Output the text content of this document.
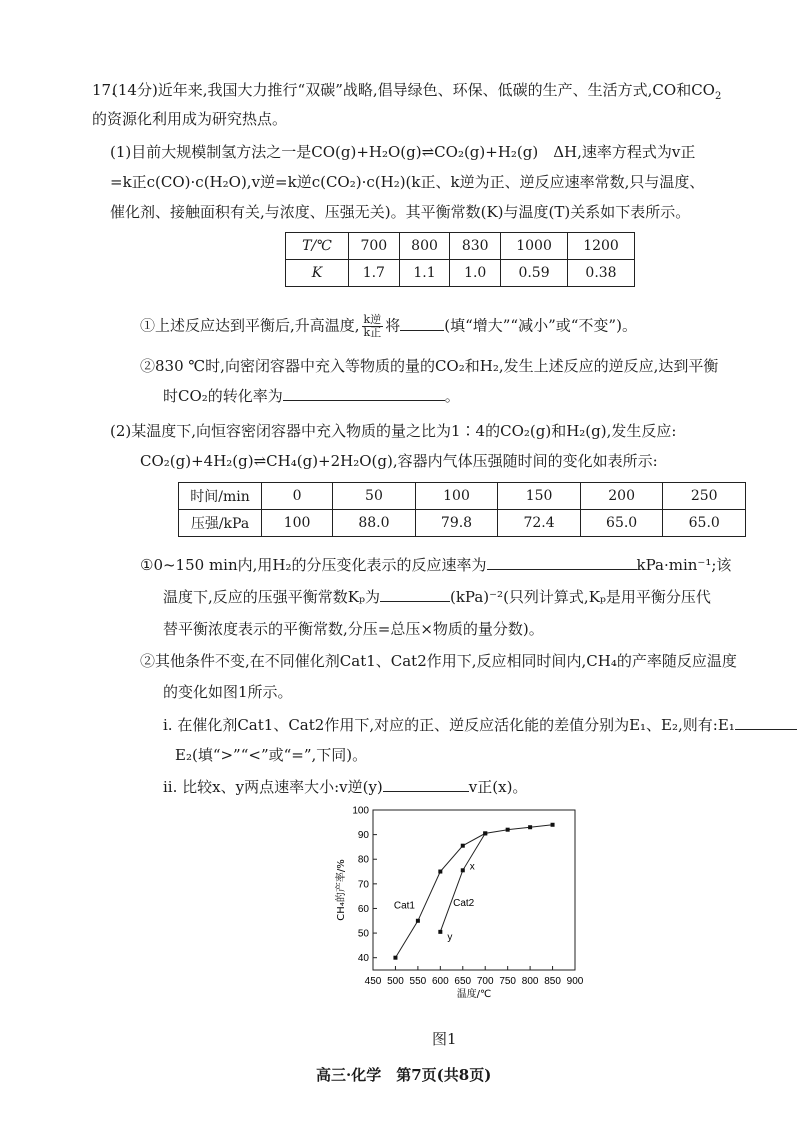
17.
(14分)近年来,我国大力推行“双碳”战略,倡导绿色、环保、低碳的生产、生活方式,CO和$CO_2$
的资源化利用成为研究热点。
(1)目前大规模制氢方法之一是CO(g)+H₂O(g)⇌CO₂(g)+H₂(g)　ΔH,速率方程式为v正
=k正c(CO)·c(H₂O),v逆=k逆c(CO₂)·c(H₂)(k正、k逆为正、逆反应速率常数,只与温度、
催化剂、接触面积有关,与浓度、压强无关)。其平衡常数(K)与温度(T)关系如下表所示。
T/℃	700	800	830	1000	1200
K	1.7	1.1	1.0	0.59	0.38
①上述反应达到平衡后,升高温度, $\frac{\text{k逆}}{\text{k正}}$ 将	(填“增大”“减小”或“不变”)。
②830 ℃时,向密闭容器中充入等物质的量的CO₂和H₂,发生上述反应的逆反应,达到平衡
时CO₂的转化率为	。
(2)某温度下,向恒容密闭容器中充入物质的量之比为1∶4的CO₂(g)和H₂(g),发生反应:
CO₂(g)+4H₂(g)⇌CH₄(g)+2H₂O(g),容器内气体压强随时间的变化如表所示:
时间/min	0	50	100	150	200	250
压强/kPa	100	88.0	79.8	72.4	65.0	65.0
①0~150 min内,用H₂的分压变化表示的反应速率为	kPa·min⁻¹;该
温度下,反应的压强平衡常数Kₚ为	(kPa)⁻²(只列计算式,Kₚ是用平衡分压代
替平衡浓度表示的平衡常数,分压=总压×物质的量分数)。
②其他条件不变,在不同催化剂Cat1、Cat2作用下,反应相同时间内,CH₄的产率随反应温度
的变化如图1所示。
i. 在催化剂Cat1、Cat2作用下,对应的正、逆反应活化能的差值分别为E₁、E₂,则有:E₁
E₂(填“>”“<”或“=”,下同)。
ii. 比较x、y两点速率大小:v逆(y)	v正(x)。
450 500 550 600 650 700 750 800 850 900
40
50
60
70
80
90
100
温度/℃
CH₄的产率/%	Cat1	Cat2
x
y
图1
高三·化学　第7页(共8页)
